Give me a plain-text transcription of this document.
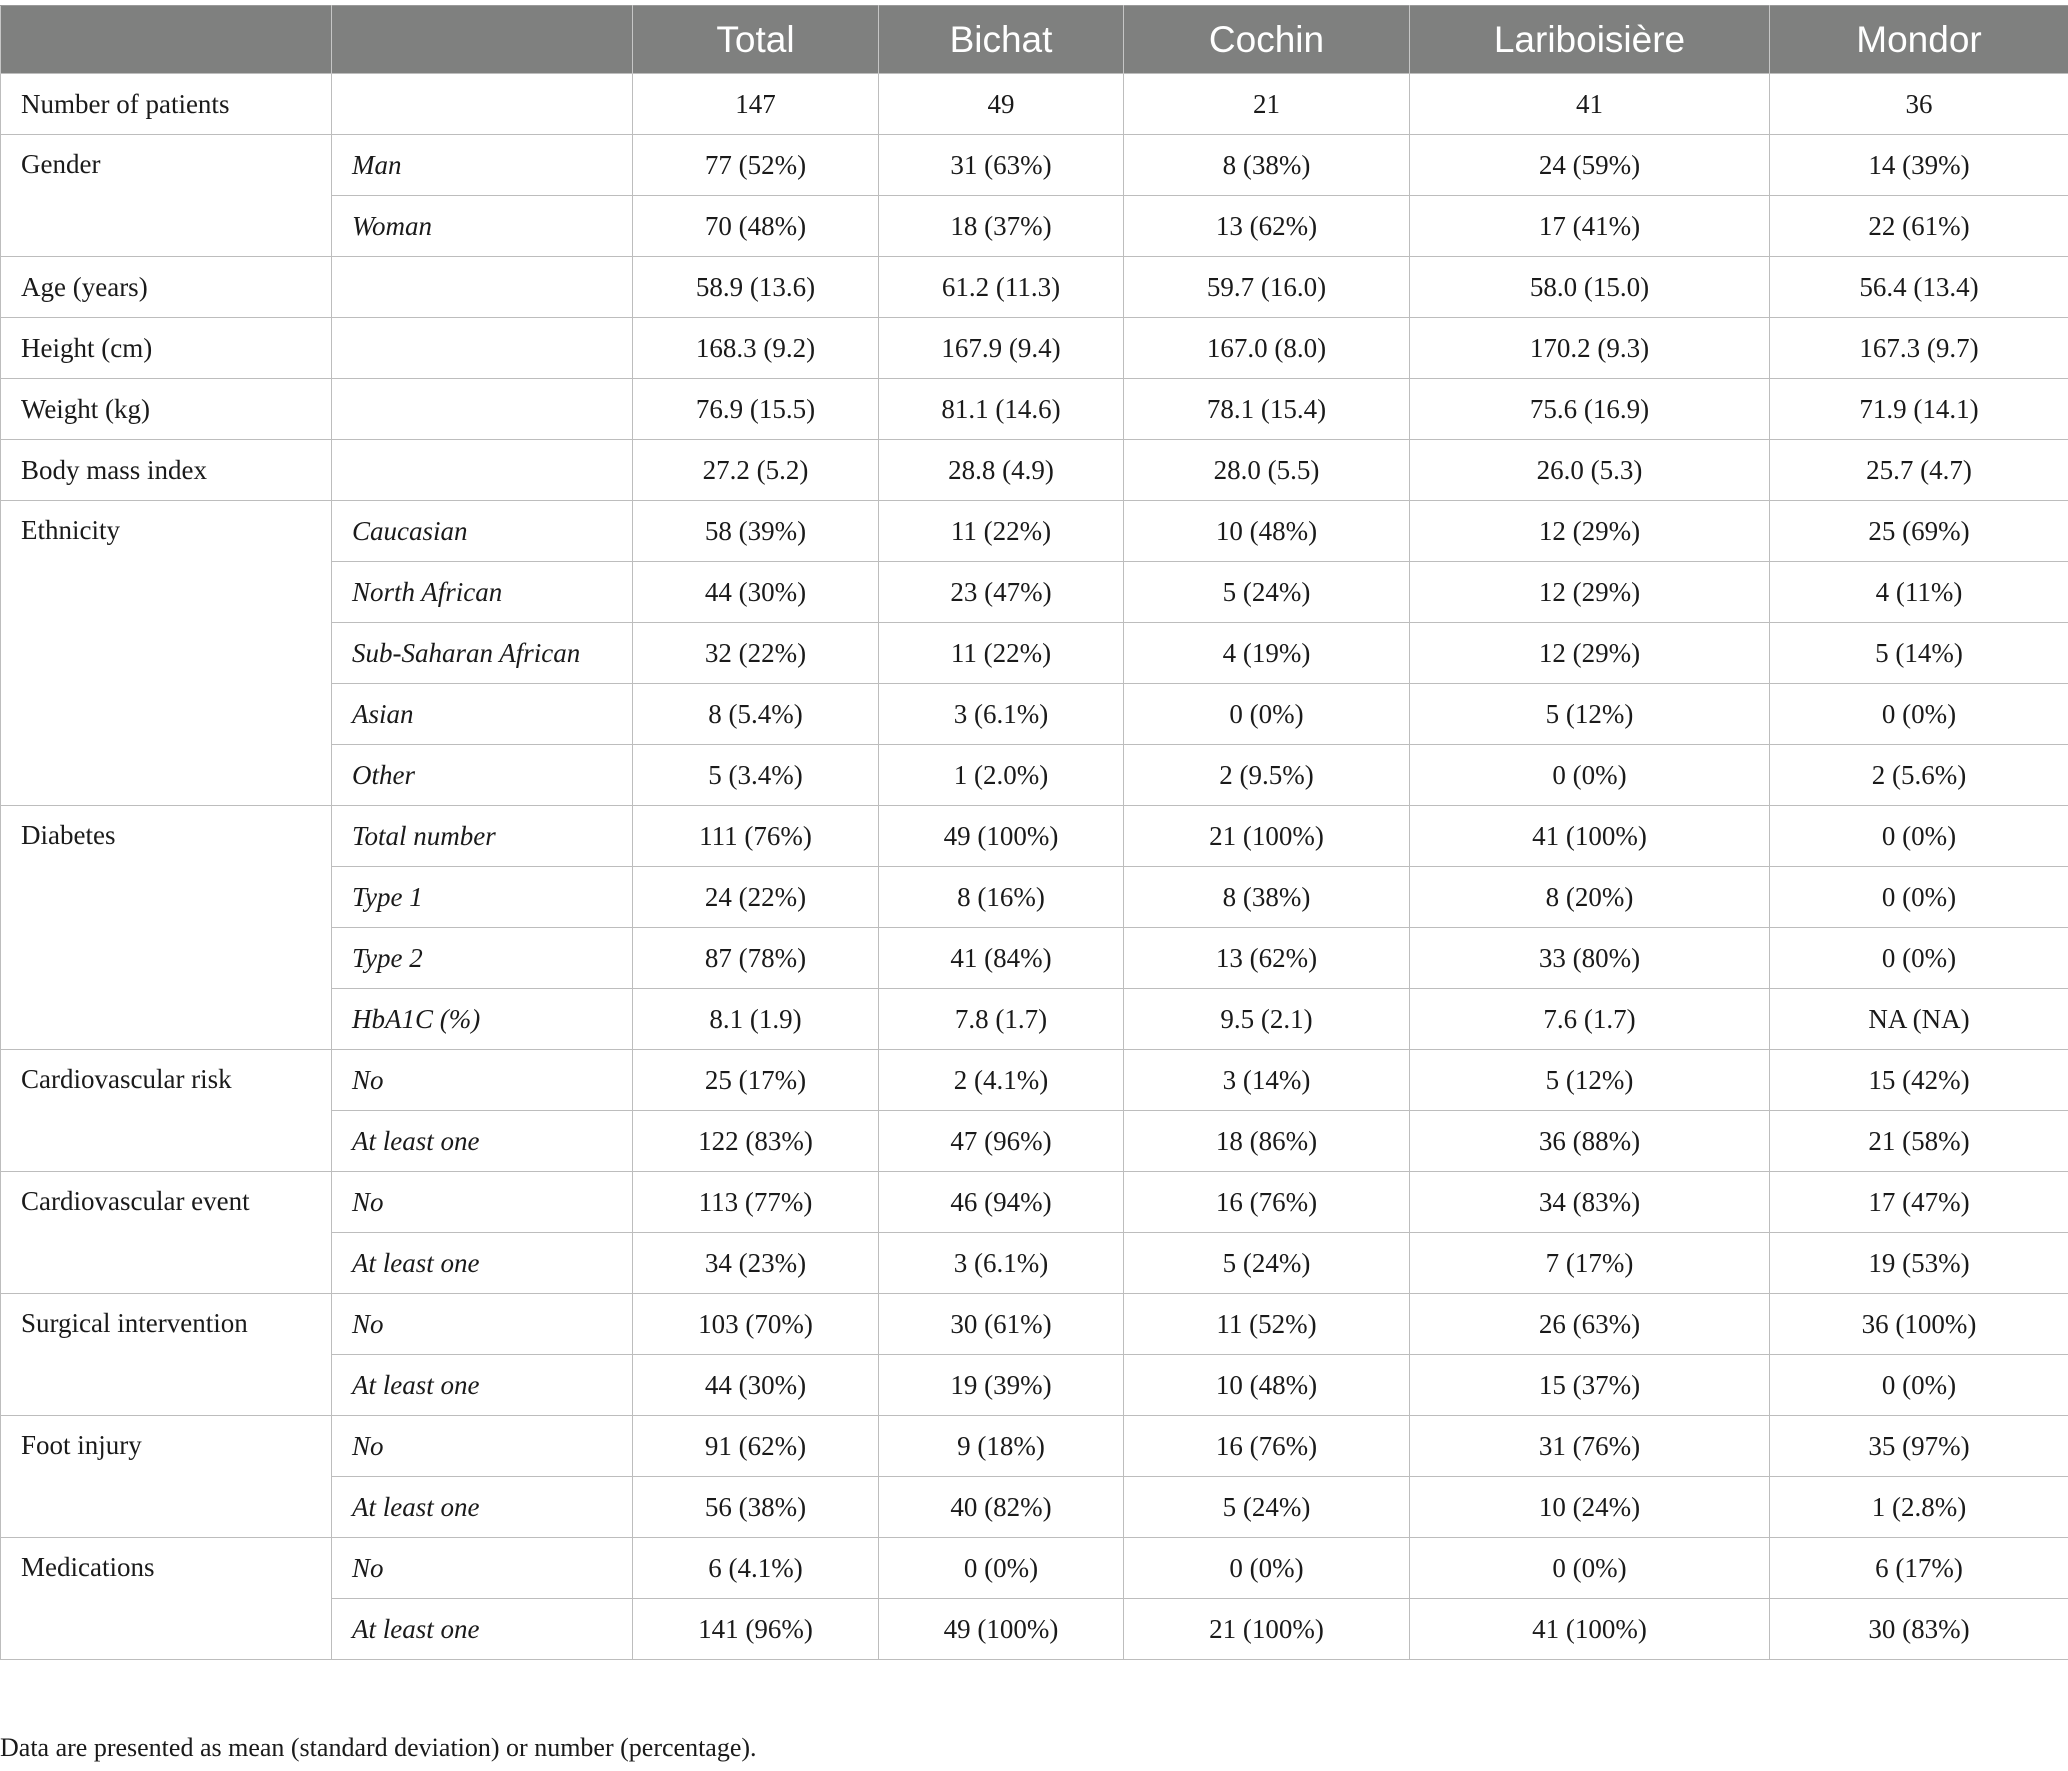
		Total	Bichat	Cochin	Lariboisière	Mondor
Number of patients		147	49	21	41	36
Gender	Man	77 (52%)	31 (63%)	8 (38%)	24 (59%)	14 (39%)
	Woman	70 (48%)	18 (37%)	13 (62%)	17 (41%)	22 (61%)
Age (years)		58.9 (13.6)	61.2 (11.3)	59.7 (16.0)	58.0 (15.0)	56.4 (13.4)
Height (cm)		168.3 (9.2)	167.9 (9.4)	167.0 (8.0)	170.2 (9.3)	167.3 (9.7)
Weight (kg)		76.9 (15.5)	81.1 (14.6)	78.1 (15.4)	75.6 (16.9)	71.9 (14.1)
Body mass index		27.2 (5.2)	28.8 (4.9)	28.0 (5.5)	26.0 (5.3)	25.7 (4.7)
Ethnicity	Caucasian	58 (39%)	11 (22%)	10 (48%)	12 (29%)	25 (69%)
	North African	44 (30%)	23 (47%)	5 (24%)	12 (29%)	4 (11%)
	Sub-Saharan African	32 (22%)	11 (22%)	4 (19%)	12 (29%)	5 (14%)
	Asian	8 (5.4%)	3 (6.1%)	0 (0%)	5 (12%)	0 (0%)
	Other	5 (3.4%)	1 (2.0%)	2 (9.5%)	0 (0%)	2 (5.6%)
Diabetes	Total number	111 (76%)	49 (100%)	21 (100%)	41 (100%)	0 (0%)
	Type 1	24 (22%)	8 (16%)	8 (38%)	8 (20%)	0 (0%)
	Type 2	87 (78%)	41 (84%)	13 (62%)	33 (80%)	0 (0%)
	HbA1C (%)	8.1 (1.9)	7.8 (1.7)	9.5 (2.1)	7.6 (1.7)	NA (NA)
Cardiovascular risk	No	25 (17%)	2 (4.1%)	3 (14%)	5 (12%)	15 (42%)
	At least one	122 (83%)	47 (96%)	18 (86%)	36 (88%)	21 (58%)
Cardiovascular event	No	113 (77%)	46 (94%)	16 (76%)	34 (83%)	17 (47%)
	At least one	34 (23%)	3 (6.1%)	5 (24%)	7 (17%)	19 (53%)
Surgical intervention	No	103 (70%)	30 (61%)	11 (52%)	26 (63%)	36 (100%)
	At least one	44 (30%)	19 (39%)	10 (48%)	15 (37%)	0 (0%)
Foot injury	No	91 (62%)	9 (18%)	16 (76%)	31 (76%)	35 (97%)
	At least one	56 (38%)	40 (82%)	5 (24%)	10 (24%)	1 (2.8%)
Medications	No	6 (4.1%)	0 (0%)	0 (0%)	0 (0%)	6 (17%)
	At least one	141 (96%)	49 (100%)	21 (100%)	41 (100%)	30 (83%)
Data are presented as mean (standard deviation) or number (percentage).
